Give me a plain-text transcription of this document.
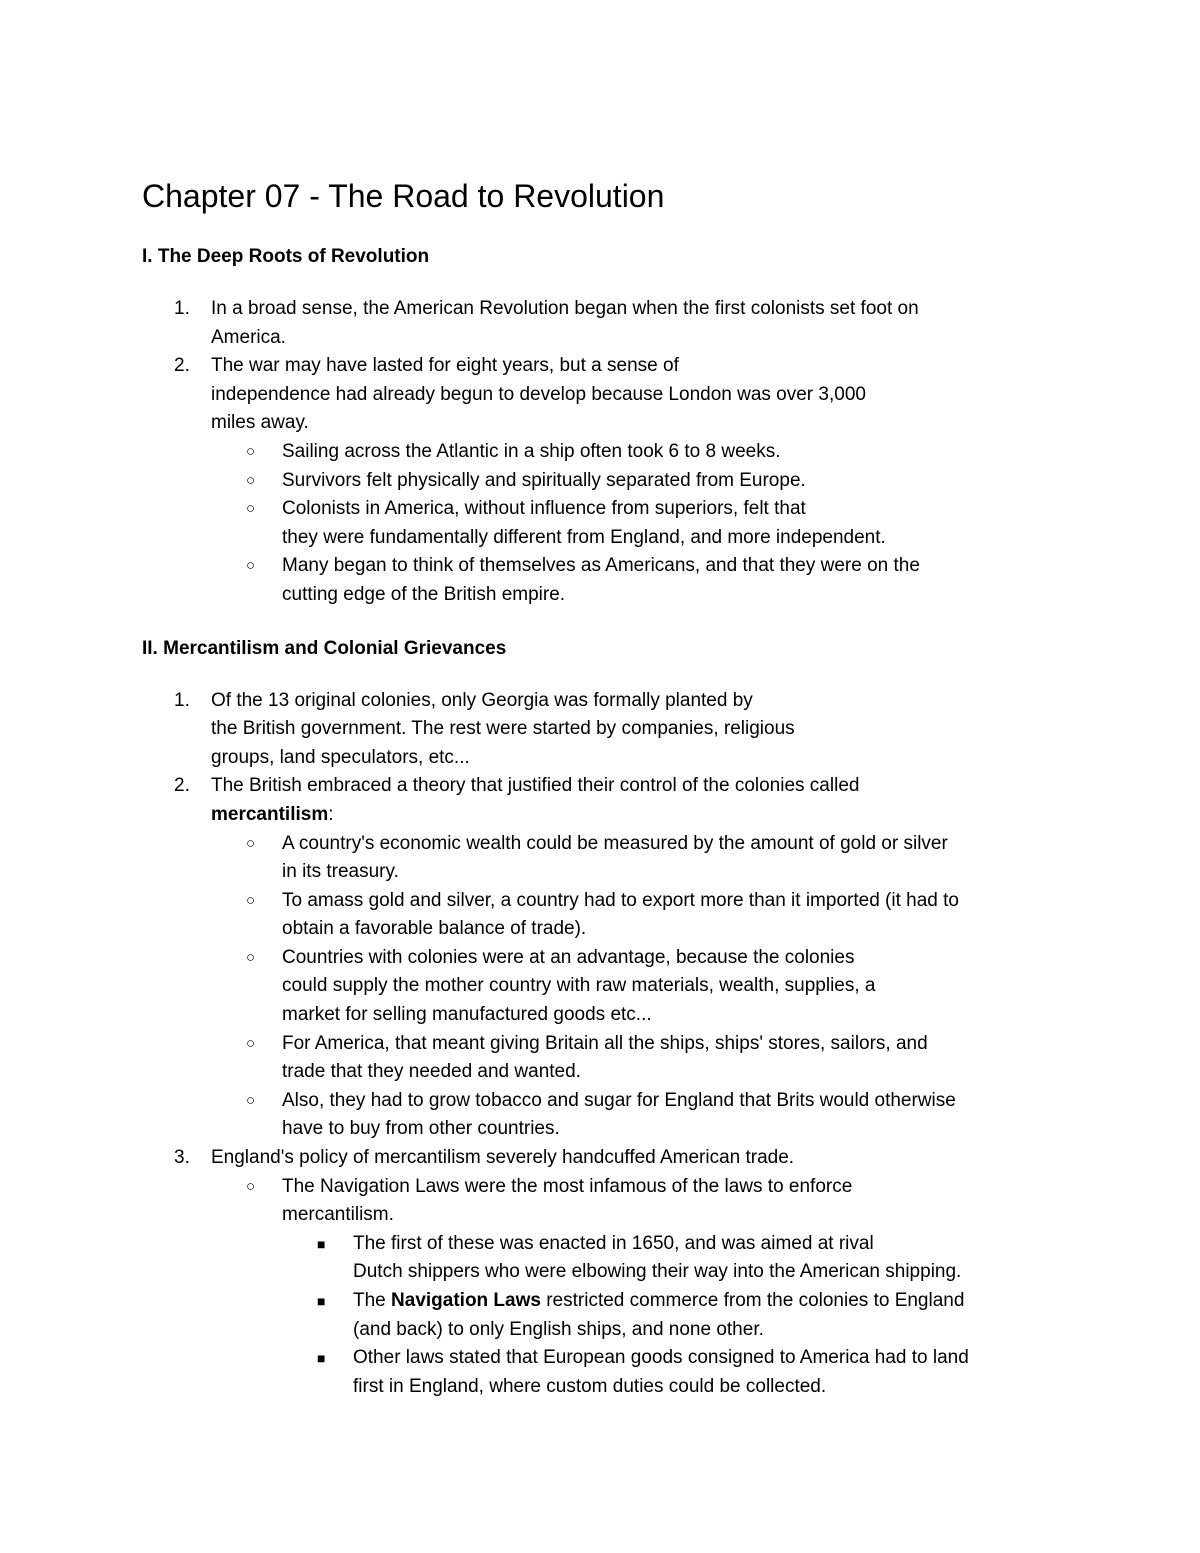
Chapter 07 - The Road to Revolution
I. The Deep Roots of Revolution
1. In a broad sense, the American Revolution began when the first colonists set foot on
America.
2. The war may have lasted for eight years, but a sense of
independence had already begun to develop because London was over 3,000
miles away.
○ Sailing across the Atlantic in a ship often took 6 to 8 weeks.
○ Survivors felt physically and spiritually separated from Europe.
○ Colonists in America, without influence from superiors, felt that
they were fundamentally different from England, and more independent.
○ Many began to think of themselves as Americans, and that they were on the
cutting edge of the British empire.
II. Mercantilism and Colonial Grievances
1. Of the 13 original colonies, only Georgia was formally planted by
the British government. The rest were started by companies, religious
groups, land speculators, etc...
2. The British embraced a theory that justified their control of the colonies called
mercantilism:
○ A country's economic wealth could be measured by the amount of gold or silver
in its treasury.
○ To amass gold and silver, a country had to export more than it imported (it had to
obtain a favorable balance of trade).
○ Countries with colonies were at an advantage, because the colonies
could supply the mother country with raw materials, wealth, supplies, a
market for selling manufactured goods etc...
○ For America, that meant giving Britain all the ships, ships' stores, sailors, and
trade that they needed and wanted.
○ Also, they had to grow tobacco and sugar for England that Brits would otherwise
have to buy from other countries.
3. England's policy of mercantilism severely handcuffed American trade.
○ The Navigation Laws were the most infamous of the laws to enforce
mercantilism.
■ The first of these was enacted in 1650, and was aimed at rival
Dutch shippers who were elbowing their way into the American shipping.
■ The Navigation Laws restricted commerce from the colonies to England
(and back) to only English ships, and none other.
■ Other laws stated that European goods consigned to America had to land
first in England, where custom duties could be collected.
